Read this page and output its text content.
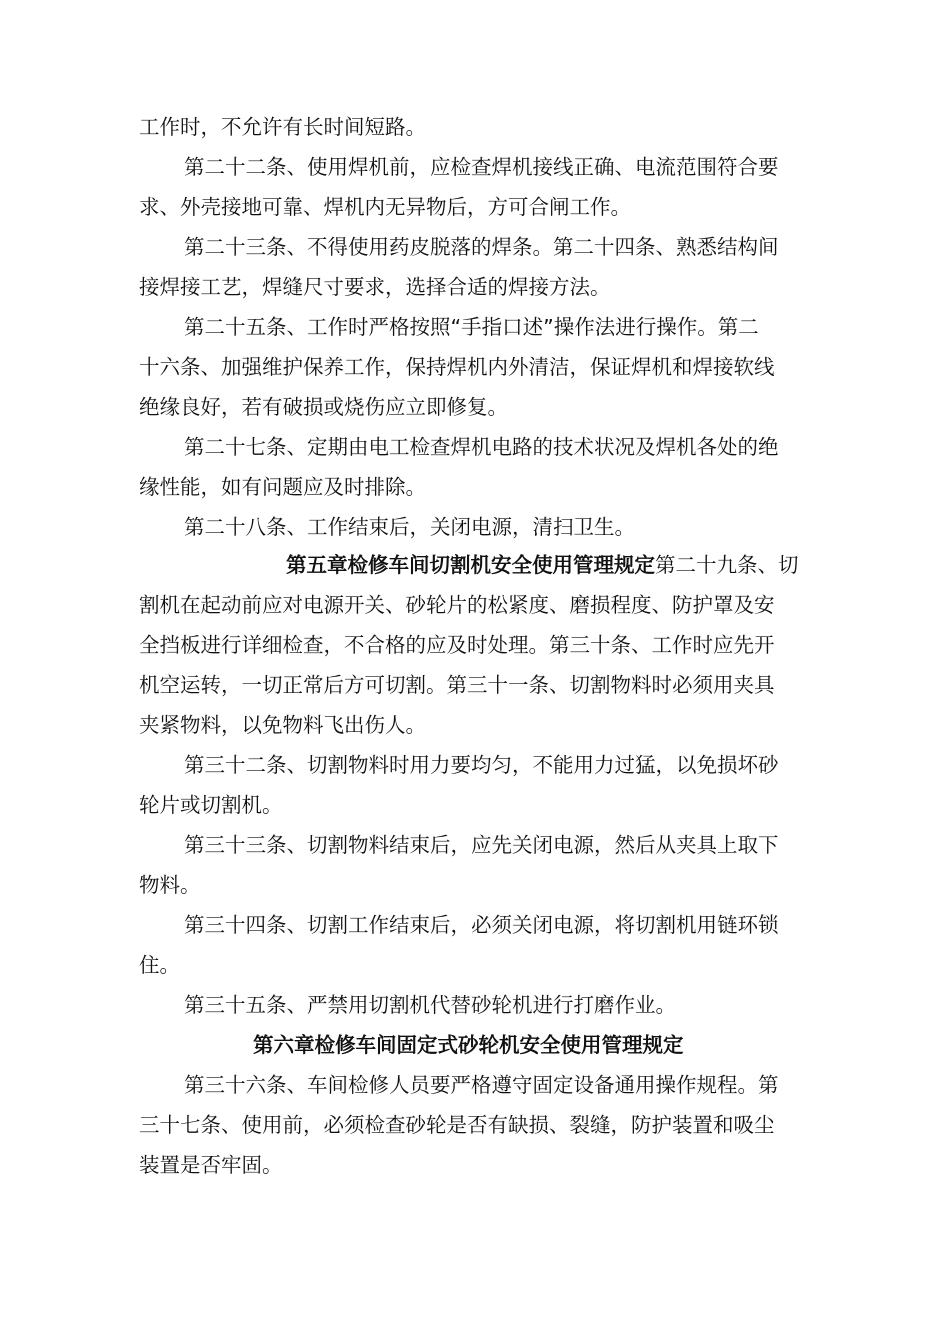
工作时，不允许有长时间短路。
第二十二条、使用焊机前，应检查焊机接线正确、电流范围符合要
求、外壳接地可靠、焊机内无异物后，方可合闸工作。
第二十三条、不得使用药皮脱落的焊条。第二十四条、熟悉结构间
接焊接工艺，焊缝尺寸要求，选择合适的焊接方法。
第二十五条、工作时严格按照“手指口述”操作法进行操作。第二
十六条、加强维护保养工作，保持焊机内外清洁，保证焊机和焊接软线
绝缘良好，若有破损或烧伤应立即修复。
第二十七条、定期由电工检查焊机电路的技术状况及焊机各处的绝
缘性能，如有问题应及时排除。
第二十八条、工作结束后，关闭电源，清扫卫生。
第五章检修车间切割机安全使用管理规定第二十九条、切
割机在起动前应对电源开关、砂轮片的松紧度、磨损程度、防护罩及安
全挡板进行详细检查，不合格的应及时处理。第三十条、工作时应先开
机空运转，一切正常后方可切割。第三十一条、切割物料时必须用夹具
夹紧物料，以免物料飞出伤人。
第三十二条、切割物料时用力要均匀，不能用力过猛，以免损坏砂
轮片或切割机。
第三十三条、切割物料结束后，应先关闭电源，然后从夹具上取下
物料。
第三十四条、切割工作结束后，必须关闭电源，将切割机用链环锁
住。
第三十五条、严禁用切割机代替砂轮机进行打磨作业。
第六章检修车间固定式砂轮机安全使用管理规定
第三十六条、车间检修人员要严格遵守固定设备通用操作规程。第
三十七条、使用前，必须检查砂轮是否有缺损、裂缝，防护装置和吸尘
装置是否牢固。
